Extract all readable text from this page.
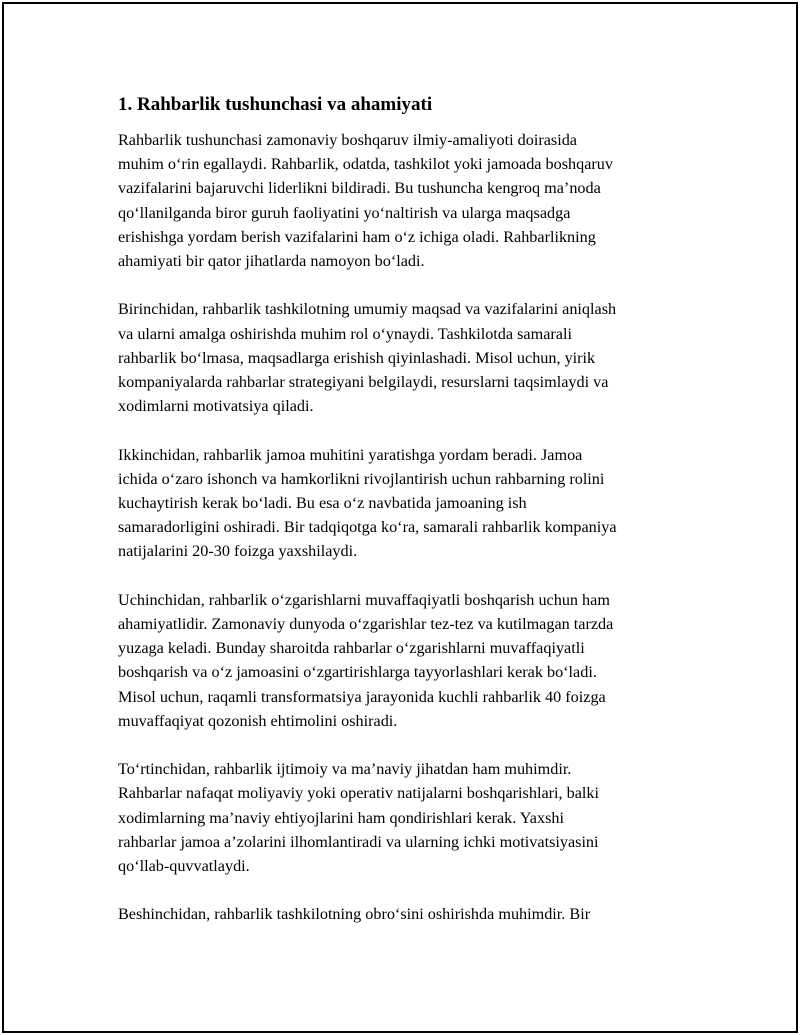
1. Rahbarlik tushunchasi va ahamiyati

Rahbarlik tushunchasi zamonaviy boshqaruv ilmiy-amaliyoti doirasida
muhim o‘rin egallaydi. Rahbarlik, odatda, tashkilot yoki jamoada boshqaruv
vazifalarini bajaruvchi liderlikni bildiradi. Bu tushuncha kengroq ma’noda
qo‘llanilganda biror guruh faoliyatini yo‘naltirish va ularga maqsadga
erishishga yordam berish vazifalarini ham o‘z ichiga oladi. Rahbarlikning
ahamiyati bir qator jihatlarda namoyon bo‘ladi.

Birinchidan, rahbarlik tashkilotning umumiy maqsad va vazifalarini aniqlash
va ularni amalga oshirishda muhim rol o‘ynaydi. Tashkilotda samarali
rahbarlik bo‘lmasa, maqsadlarga erishish qiyinlashadi. Misol uchun, yirik
kompaniyalarda rahbarlar strategiyani belgilaydi, resurslarni taqsimlaydi va
xodimlarni motivatsiya qiladi.

Ikkinchidan, rahbarlik jamoa muhitini yaratishga yordam beradi. Jamoa
ichida o‘zaro ishonch va hamkorlikni rivojlantirish uchun rahbarning rolini
kuchaytirish kerak bo‘ladi. Bu esa o‘z navbatida jamoaning ish
samaradorligini oshiradi. Bir tadqiqotga ko‘ra, samarali rahbarlik kompaniya
natijalarini 20-30 foizga yaxshilaydi.

Uchinchidan, rahbarlik o‘zgarishlarni muvaffaqiyatli boshqarish uchun ham
ahamiyatlidir. Zamonaviy dunyoda o‘zgarishlar tez-tez va kutilmagan tarzda
yuzaga keladi. Bunday sharoitda rahbarlar o‘zgarishlarni muvaffaqiyatli
boshqarish va o‘z jamoasini o‘zgartirishlarga tayyorlashlari kerak bo‘ladi.
Misol uchun, raqamli transformatsiya jarayonida kuchli rahbarlik 40 foizga
muvaffaqiyat qozonish ehtimolini oshiradi.

To‘rtinchidan, rahbarlik ijtimoiy va ma’naviy jihatdan ham muhimdir.
Rahbarlar nafaqat moliyaviy yoki operativ natijalarni boshqarishlari, balki
xodimlarning ma’naviy ehtiyojlarini ham qondirishlari kerak. Yaxshi
rahbarlar jamoa a’zolarini ilhomlantiradi va ularning ichki motivatsiyasini
qo‘llab-quvvatlaydi.

Beshinchidan, rahbarlik tashkilotning obro‘sini oshirishda muhimdir. Bir
